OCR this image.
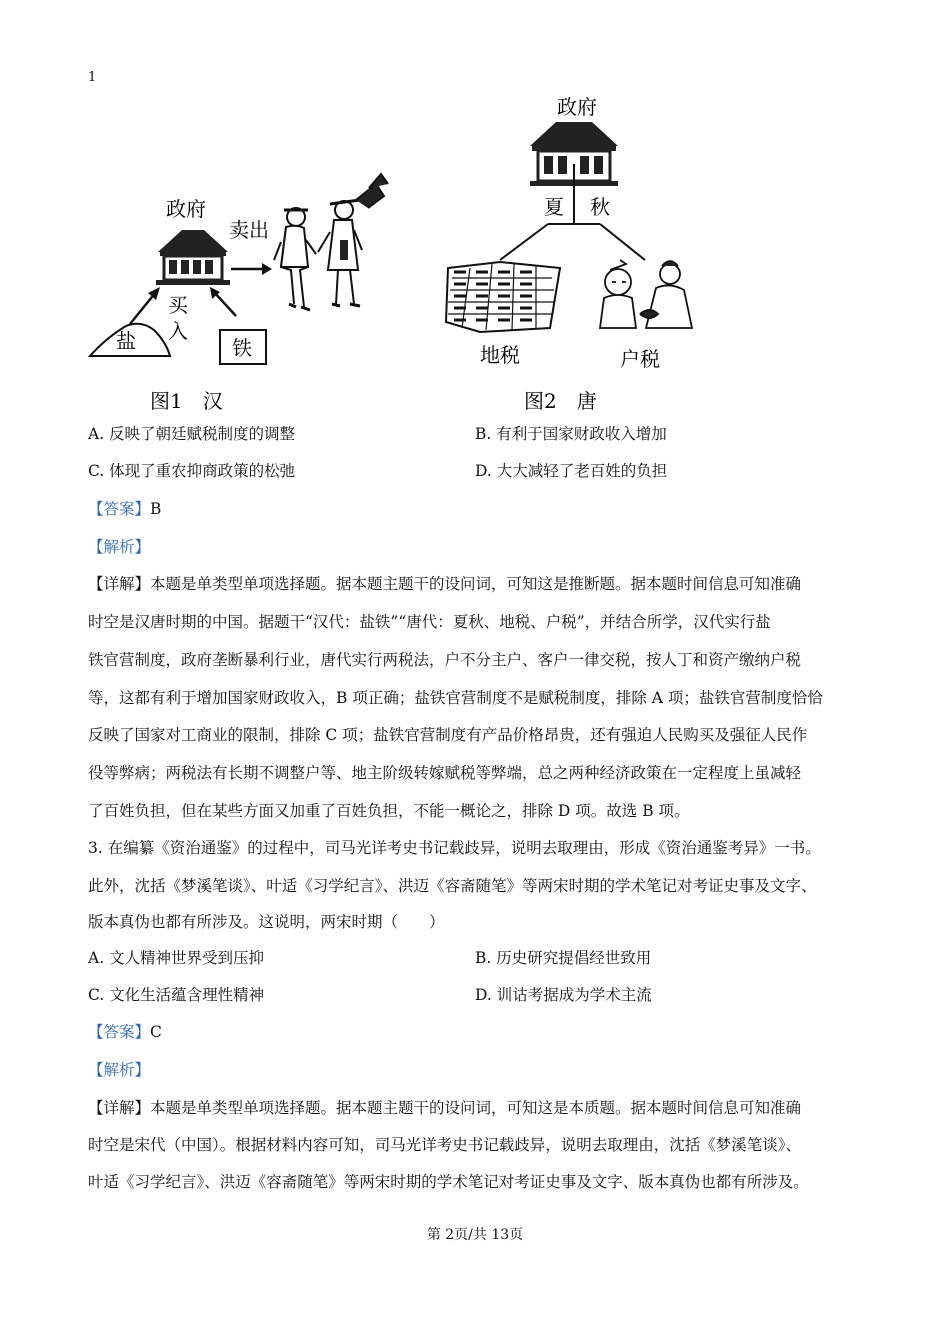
1
政府
卖出
买
入
盐	铁
图1　汉
政府
夏 秋
地税	户税
图2　唐
A. 反映了朝廷赋税制度的调整	B. 有利于国家财政收入增加
C. 体现了重农抑商政策的松弛	D. 大大减轻了老百姓的负担
【答案】B
【解析】
【详解】本题是单类型单项选择题。据本题主题干的设问词，可知这是推断题。据本题时间信息可知准确
时空是汉唐时期的中国。据题干“汉代：盐铁”“唐代：夏秋、地税、户税”，并结合所学，汉代实行盐
铁官营制度，政府垄断暴利行业，唐代实行两税法，户不分主户、客户一律交税，按人丁和资产缴纳户税
等，这都有利于增加国家财政收入，B 项正确；盐铁官营制度不是赋税制度，排除 A 项；盐铁官营制度恰恰
反映了国家对工商业的限制，排除 C 项；盐铁官营制度有产品价格昂贵，还有强迫人民购买及强征人民作
役等弊病；两税法有长期不调整户等、地主阶级转嫁赋税等弊端，总之两种经济政策在一定程度上虽减轻
了百姓负担，但在某些方面又加重了百姓负担，不能一概论之，排除 D 项。故选 B 项。
3. 在编纂《资治通鉴》的过程中，司马光详考史书记载歧异，说明去取理由，形成《资治通鉴考异》一书。
此外，沈括《梦溪笔谈》、叶适《习学纪言》、洪迈《容斋随笔》等两宋时期的学术笔记对考证史事及文字、
版本真伪也都有所涉及。这说明，两宋时期（　　）
A. 文人精神世界受到压抑	B. 历史研究提倡经世致用
C. 文化生活蕴含理性精神	D. 训诂考据成为学术主流
【答案】C
【解析】
【详解】本题是单类型单项选择题。据本题主题干的设问词，可知这是本质题。据本题时间信息可知准确
时空是宋代（中国）。根据材料内容可知，司马光详考史书记载歧异，说明去取理由，沈括《梦溪笔谈》、
叶适《习学纪言》、洪迈《容斋随笔》等两宋时期的学术笔记对考证史事及文字、版本真伪也都有所涉及。
第 2页/共 13页
